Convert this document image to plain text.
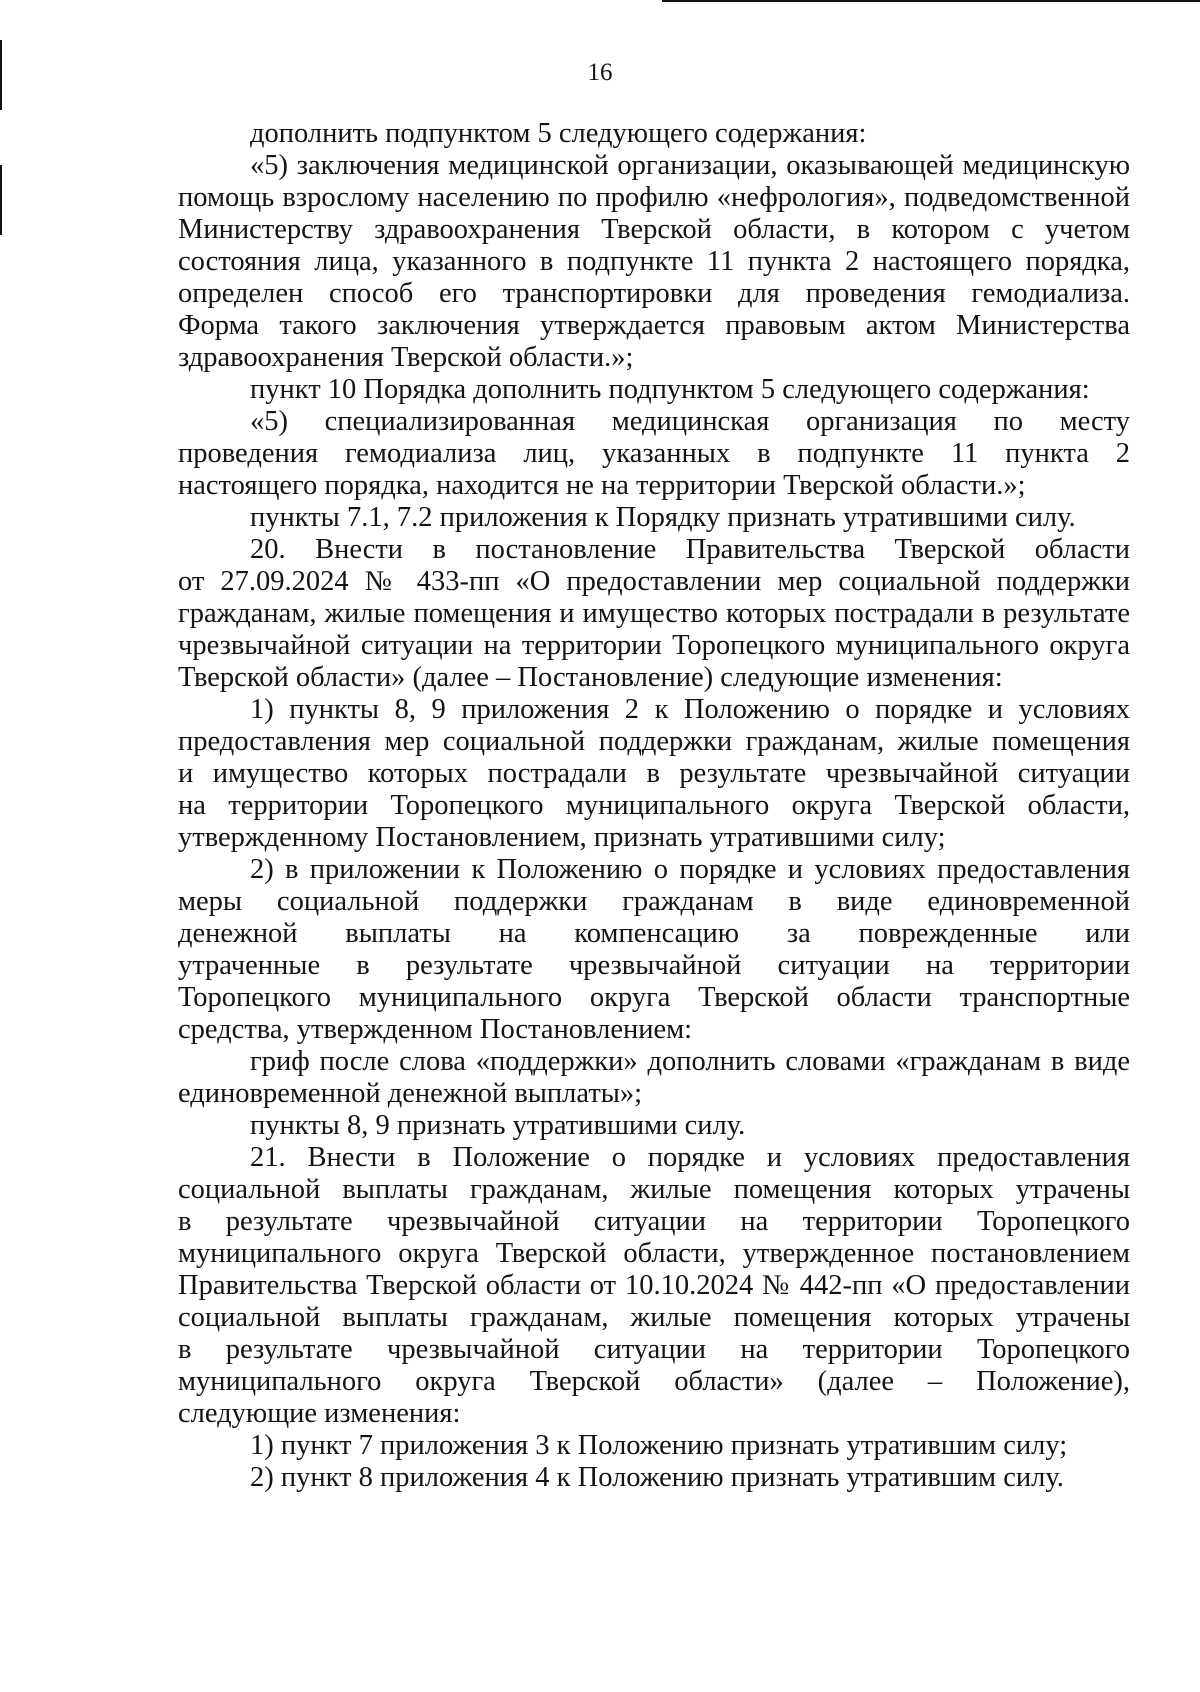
16
дополнить подпунктом 5 следующего содержания:
«5) заключения медицинской организации, оказывающей медицинскую
помощь взрослому населению по профилю «нефрология», подведомственной
Министерству здравоохранения Тверской области, в котором с учетом
состояния лица, указанного в подпункте 11 пункта 2 настоящего порядка,
определен способ его транспортировки для проведения гемодиализа.
Форма такого заключения утверждается правовым актом Министерства
здравоохранения Тверской области.»;
пункт 10 Порядка дополнить подпунктом 5 следующего содержания:
«5) специализированная медицинская организация по месту
проведения гемодиализа лиц, указанных в подпункте 11 пункта 2
настоящего порядка, находится не на территории Тверской области.»;
пункты 7.1, 7.2 приложения к Порядку признать утратившими силу.
20. Внести в постановление Правительства Тверской области
от 27.09.2024 № 433-пп «О предоставлении мер социальной поддержки
гражданам, жилые помещения и имущество которых пострадали в результате
чрезвычайной ситуации на территории Торопецкого муниципального округа
Тверской области» (далее – Постановление) следующие изменения:
1) пункты 8, 9 приложения 2 к Положению о порядке и условиях
предоставления мер социальной поддержки гражданам, жилые помещения
и имущество которых пострадали в результате чрезвычайной ситуации
на территории Торопецкого муниципального округа Тверской области,
утвержденному Постановлением, признать утратившими силу;
2) в приложении к Положению о порядке и условиях предоставления
меры социальной поддержки гражданам в виде единовременной
денежной выплаты на компенсацию за поврежденные или
утраченные в результате чрезвычайной ситуации на территории
Торопецкого муниципального округа Тверской области транспортные
средства, утвержденном Постановлением:
гриф после слова «поддержки» дополнить словами «гражданам в виде
единовременной денежной выплаты»;
пункты 8, 9 признать утратившими силу.
21. Внести в Положение о порядке и условиях предоставления
социальной выплаты гражданам, жилые помещения которых утрачены
в результате чрезвычайной ситуации на территории Торопецкого
муниципального округа Тверской области, утвержденное постановлением
Правительства Тверской области от 10.10.2024 № 442-пп «О предоставлении
социальной выплаты гражданам, жилые помещения которых утрачены
в результате чрезвычайной ситуации на территории Торопецкого
муниципального округа Тверской области» (далее – Положение),
следующие изменения:
1) пункт 7 приложения 3 к Положению признать утратившим силу;
2) пункт 8 приложения 4 к Положению признать утратившим силу.
